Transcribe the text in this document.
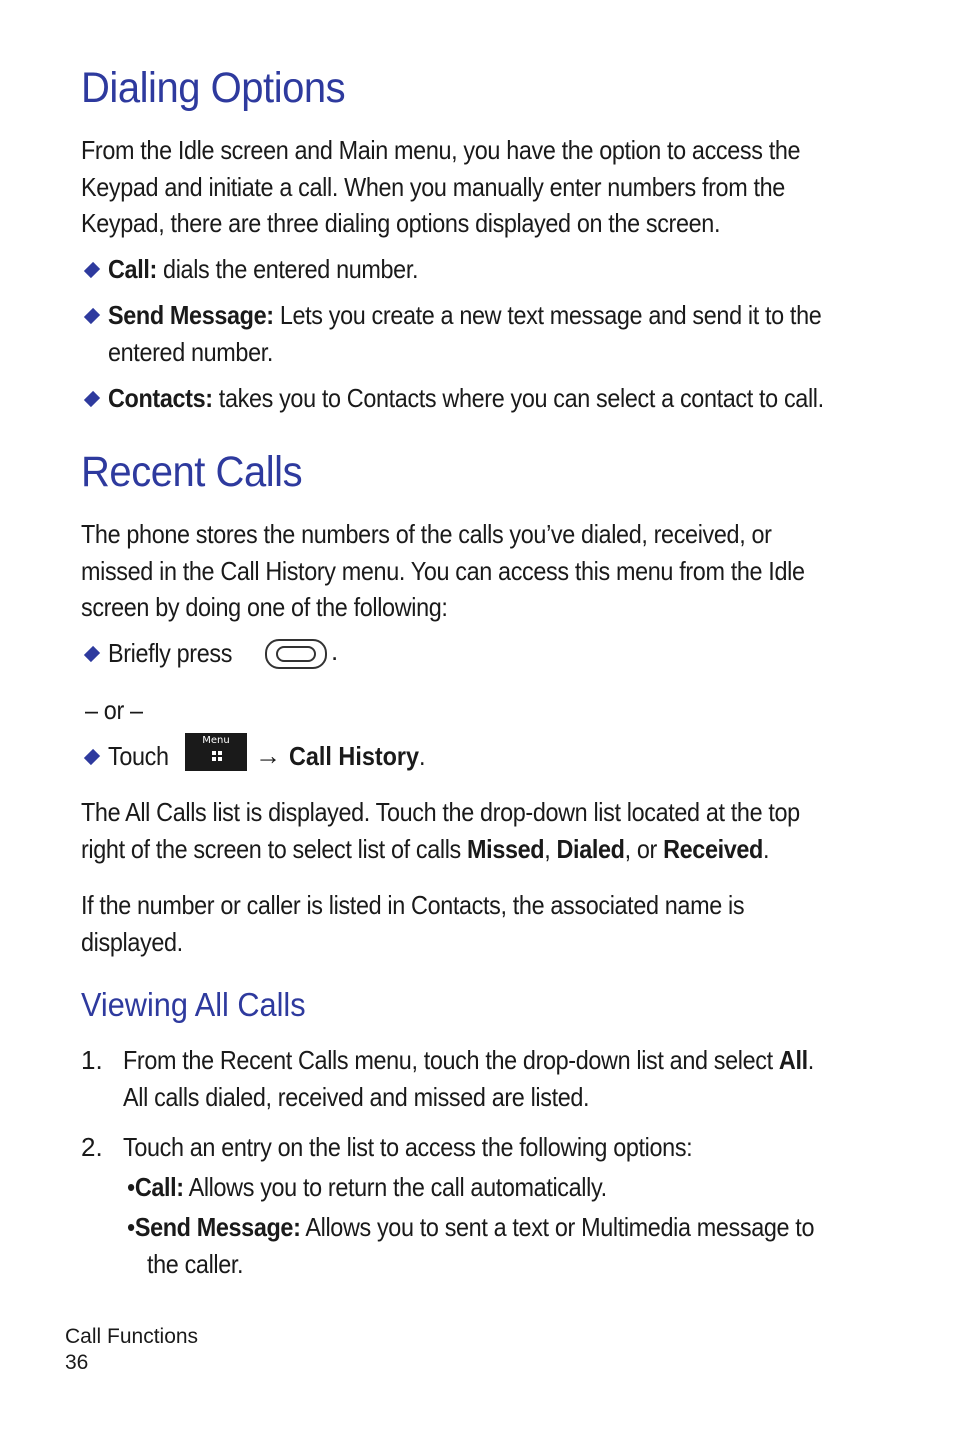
Dialing Options

From the Idle screen and Main menu, you have the option to access the

Keypad and initiate a call. When you manually enter numbers from the

Keypad, there are three dialing options displayed on the screen.

Call: dials the entered number.

Send Message: Lets you create a new text message and send it to the

entered number.

Contacts: takes you to Contacts where you can select a contact to call.

Recent Calls

The phone stores the numbers of the calls you’ve dialed, received, or

missed in the Call History menu. You can access this menu from the Idle

screen by doing one of the following:

Briefly press	.

– or –

Touch

Menu → Call History.

The All Calls list is displayed. Touch the drop-down list located at the top

right of the screen to select list of calls Missed, Dialed, or Received.

If the number or caller is listed in Contacts, the associated name is

displayed.

Viewing All Calls
1. From the Recent Calls menu, touch the drop-down list and select All.

All calls dialed, received and missed are listed.

2. Touch an entry on the list to access the following options:

•Call: Allows you to return the call automatically.

•Send Message: Allows you to sent a text or Multimedia message to

the caller.

Call Functions
36
